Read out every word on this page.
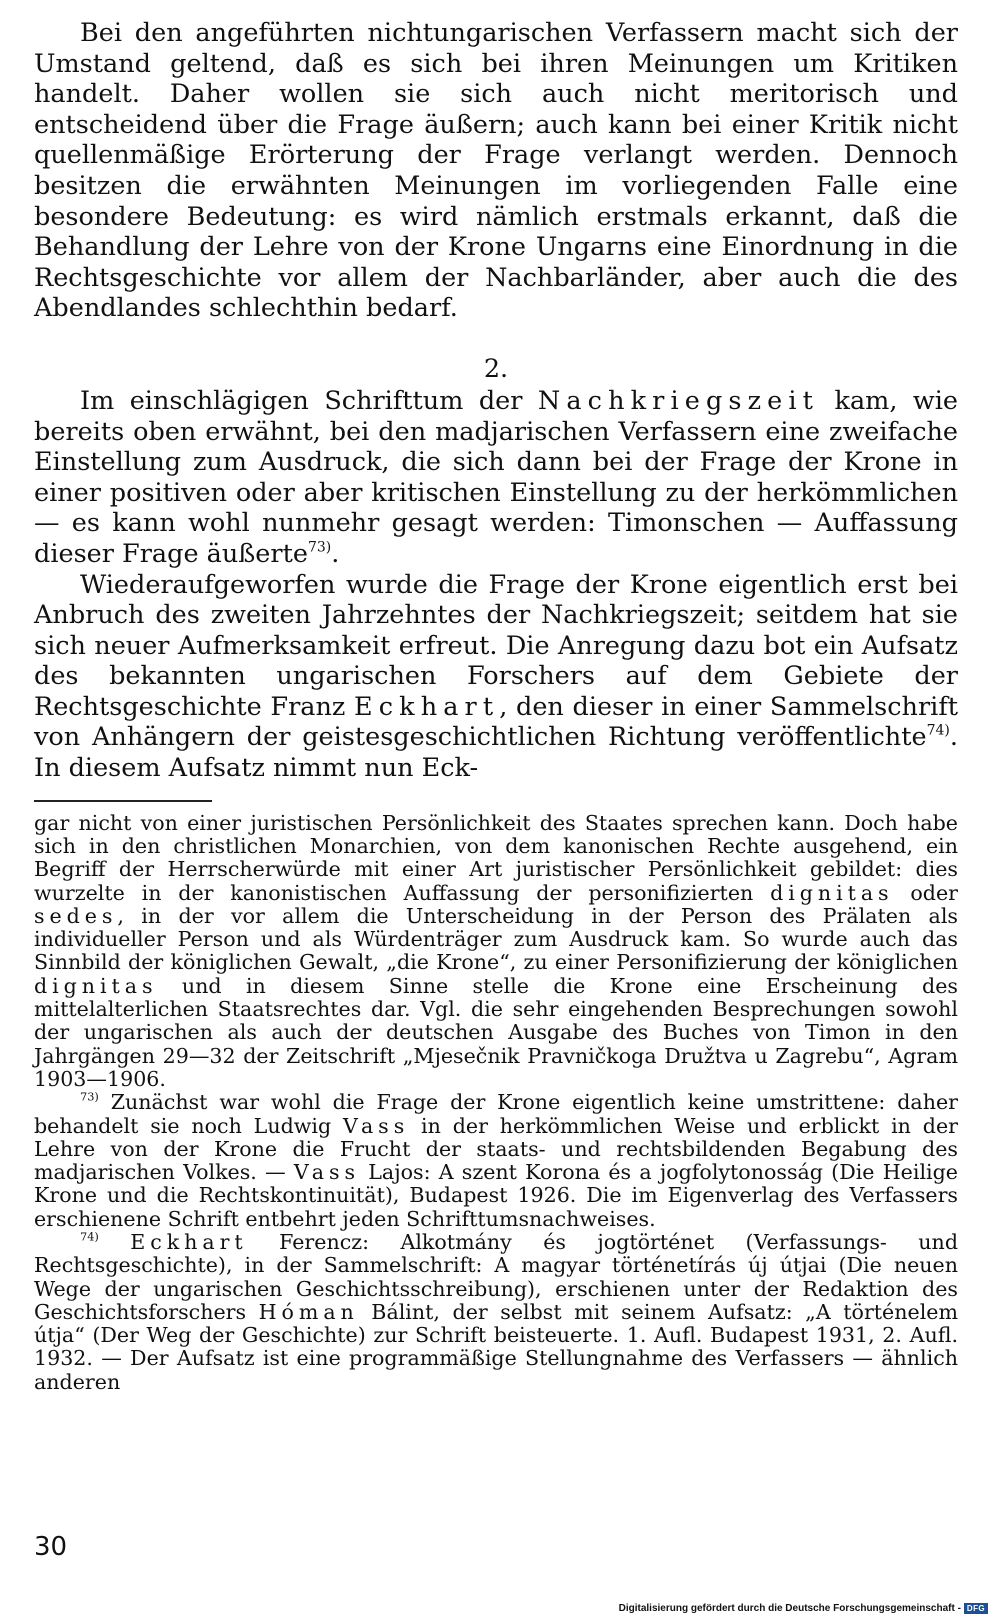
Bei den angeführten nichtungarischen Verfassern macht sich der Umstand geltend, daß es sich bei ihren Meinungen um Kritiken handelt. Daher wollen sie sich auch nicht meritorisch und entscheidend über die Frage äußern; auch kann bei einer Kritik nicht quellenmäßige Erörterung der Frage verlangt werden. Dennoch besitzen die erwähnten Meinungen im vorliegenden Falle eine besondere Bedeutung: es wird nämlich erstmals erkannt, daß die Behandlung der Lehre von der Krone Ungarns eine Einordnung in die Rechtsgeschichte vor allem der Nachbarländer, aber auch die des Abendlandes schlechthin bedarf.

2.

Im einschlägigen Schrifttum der Nachkriegszeit kam, wie bereits oben erwähnt, bei den madjarischen Verfassern eine zweifache Einstellung zum Ausdruck, die sich dann bei der Frage der Krone in einer positiven oder aber kritischen Einstellung zu der herkömmlichen — es kann wohl nunmehr gesagt werden: Timonschen — Auffassung dieser Frage äußerte$^{73)}$.

Wiederaufgeworfen wurde die Frage der Krone eigentlich erst bei Anbruch des zweiten Jahrzehntes der Nachkriegszeit; seitdem hat sie sich neuer Aufmerksamkeit erfreut. Die Anregung dazu bot ein Aufsatz des bekannten ungarischen Forschers auf dem Gebiete der Rechtsgeschichte Franz Eckhart, den dieser in einer Sammelschrift von Anhängern der geistesgeschichtlichen Richtung veröffentlichte$^{74)}$. In diesem Aufsatz nimmt nun Eck-

gar nicht von einer juristischen Persönlichkeit des Staates sprechen kann. Doch habe sich in den christlichen Monarchien, von dem kanonischen Rechte ausgehend, ein Begriff der Herrscherwürde mit einer Art juristischer Persönlichkeit gebildet: dies wurzelte in der kanonistischen Auffassung der personifizierten dignitas oder sedes, in der vor allem die Unterscheidung in der Person des Prälaten als individueller Person und als Würdenträger zum Ausdruck kam. So wurde auch das Sinnbild der königlichen Gewalt, „die Krone“, zu einer Personifizierung der königlichen dignitas und in diesem Sinne stelle die Krone eine Erscheinung des mittelalterlichen Staatsrechtes dar. Vgl. die sehr eingehenden Besprechungen sowohl der ungarischen als auch der deutschen Ausgabe des Buches von Timon in den Jahrgängen 29—32 der Zeitschrift „Mjesečnik Pravničkoga Družtva u Zagrebu“, Agram 1903—1906.

$^{73)}$ Zunächst war wohl die Frage der Krone eigentlich keine umstrittene: daher behandelt sie noch Ludwig Vass in der herkömmlichen Weise und erblickt in der Lehre von der Krone die Frucht der staats- und rechtsbildenden Begabung des madjarischen Volkes. — Vass Lajos: A szent Korona és a jogfolytonosság (Die Heilige Krone und die Rechtskontinuität), Budapest 1926. Die im Eigenverlag des Verfassers erschienene Schrift entbehrt jeden Schrifttumsnachweises.

$^{74)}$ Eckhart Ferencz: Alkotmány és jogtörténet (Verfassungs- und Rechtsgeschichte), in der Sammelschrift: A magyar történetírás új útjai (Die neuen Wege der ungarischen Geschichtsschreibung), erschienen unter der Redaktion des Geschichtsforschers Hóman Bálint, der selbst mit seinem Aufsatz: „A történelem útja“ (Der Weg der Geschichte) zur Schrift beisteuerte. 1. Aufl. Budapest 1931, 2. Aufl. 1932. — Der Aufsatz ist eine programmäßige Stellungnahme des Verfassers — ähnlich anderen

30
Digitalisierung gefördert durch die Deutsche Forschungsgemeinschaft - DFG
